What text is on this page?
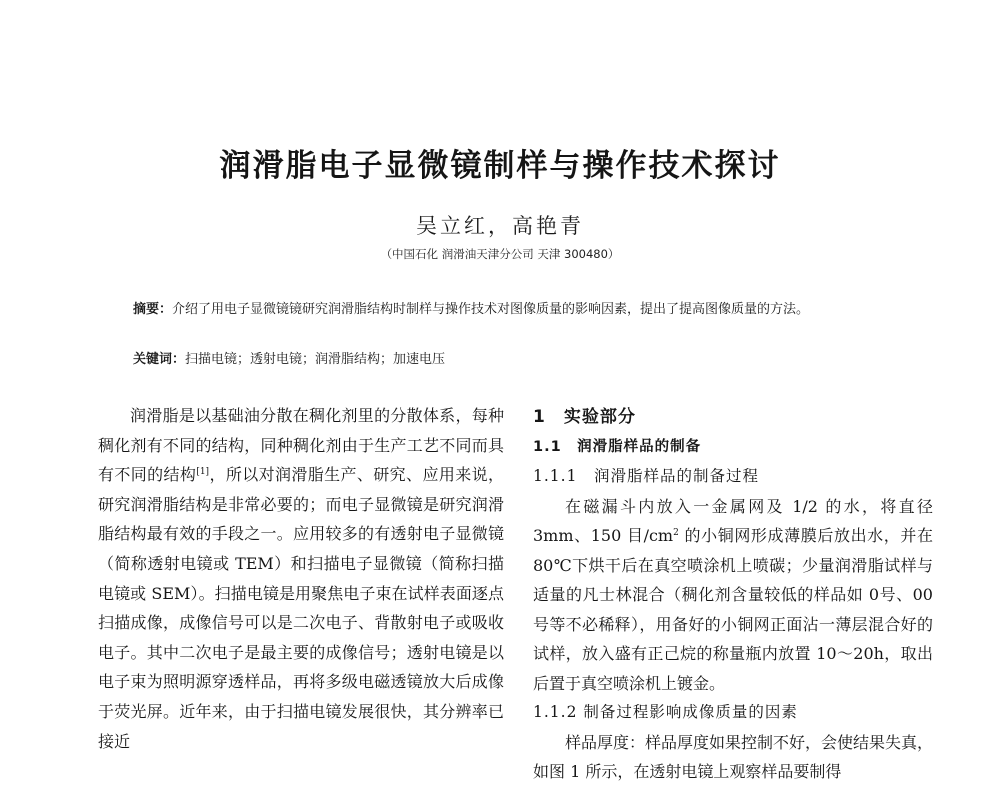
润滑脂电子显微镜制样与操作技术探讨
吴立红，高艳青
（中国石化 润滑油天津分公司 天津 300480）
摘要：介绍了用电子显微镜镜研究润滑脂结构时制样与操作技术对图像质量的影响因素，提出了提高图像质量的方法。
关键词：扫描电镜；透射电镜；润滑脂结构；加速电压
润滑脂是以基础油分散在稠化剂里的分散体系，每种稠化剂有不同的结构，同种稠化剂由于生产工艺不同而具有不同的结构[1]，所以对润滑脂生产、研究、应用来说，研究润滑脂结构是非常必要的；而电子显微镜是研究润滑脂结构最有效的手段之一。应用较多的有透射电子显微镜（简称透射电镜或 TEM）和扫描电子显微镜（简称扫描电镜或 SEM）。扫描电镜是用聚焦电子束在试样表面逐点扫描成像，成像信号可以是二次电子、背散射电子或吸收电子。其中二次电子是最主要的成像信号；透射电镜是以电子束为照明源穿透样品，再将多级电磁透镜放大后成像于荧光屏。近年来，由于扫描电镜发展很快，其分辨率已接近
1　实验部分
1.1　润滑脂样品的制备
1.1.1　润滑脂样品的制备过程
在磁漏斗内放入一金属网及 1/2 的水，将直径 3mm、150 目$/cm^2$ 的小铜网形成薄膜后放出水，并在 80℃下烘干后在真空喷涂机上喷碳；少量润滑脂试样与适量的凡士林混合（稠化剂含量较低的样品如 0号、00 号等不必稀释），用备好的小铜网正面沾一薄层混合好的试样，放入盛有正己烷的称量瓶内放置 10～20h，取出后置于真空喷涂机上镀金。
1.1.2 制备过程影响成像质量的因素
样品厚度：样品厚度如果控制不好，会使结果失真，如图 1 所示，在透射电镜上观察样品要制得
